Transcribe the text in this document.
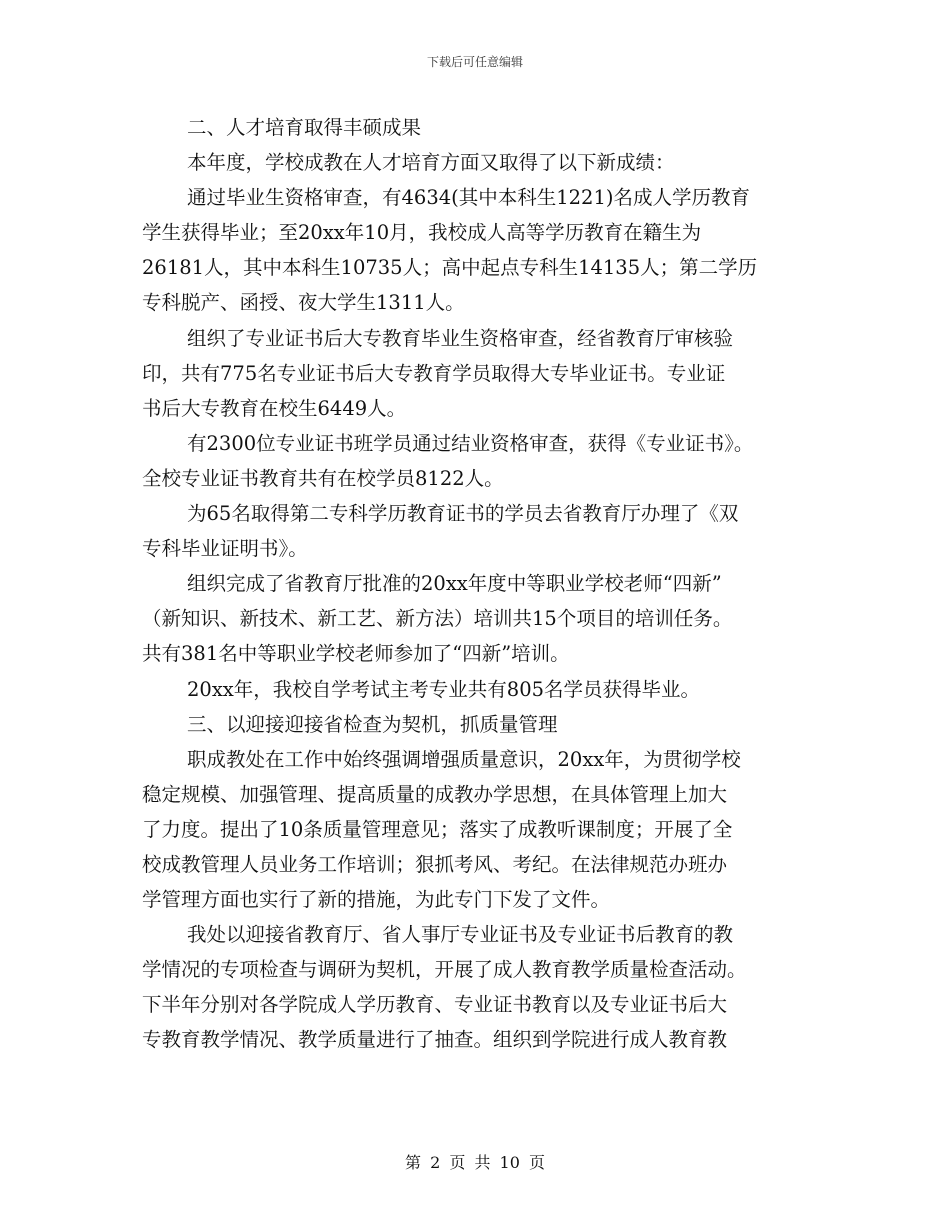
下载后可任意编辑
二、人才培育取得丰硕成果
本年度，学校成教在人才培育方面又取得了以下新成绩：
通过毕业生资格审查，有4634(其中本科生1221)名成人学历教育
学生获得毕业；至20xx年10月，我校成人高等学历教育在籍生为
26181人，其中本科生10735人；高中起点专科生14135人；第二学历
专科脱产、函授、夜大学生1311人。
组织了专业证书后大专教育毕业生资格审查，经省教育厅审核验
印，共有775名专业证书后大专教育学员取得大专毕业证书。专业证
书后大专教育在校生6449人。
有2300位专业证书班学员通过结业资格审查，获得《专业证书》。
全校专业证书教育共有在校学员8122人。
为65名取得第二专科学历教育证书的学员去省教育厅办理了《双
专科毕业证明书》。
组织完成了省教育厅批准的20xx年度中等职业学校老师“四新”
（新知识、新技术、新工艺、新方法）培训共15个项目的培训任务。
共有381名中等职业学校老师参加了“四新”培训。
20xx年，我校自学考试主考专业共有805名学员获得毕业。
三、以迎接迎接省检查为契机，抓质量管理
职成教处在工作中始终强调增强质量意识，20xx年，为贯彻学校
稳定规模、加强管理、提高质量的成教办学思想，在具体管理上加大
了力度。提出了10条质量管理意见；落实了成教听课制度；开展了全
校成教管理人员业务工作培训；狠抓考风、考纪。在法律规范办班办
学管理方面也实行了新的措施，为此专门下发了文件。
我处以迎接省教育厅、省人事厅专业证书及专业证书后教育的教
学情况的专项检查与调研为契机，开展了成人教育教学质量检查活动。
下半年分别对各学院成人学历教育、专业证书教育以及专业证书后大
专教育教学情况、教学质量进行了抽查。组织到学院进行成人教育教
第 2 页 共 10 页
